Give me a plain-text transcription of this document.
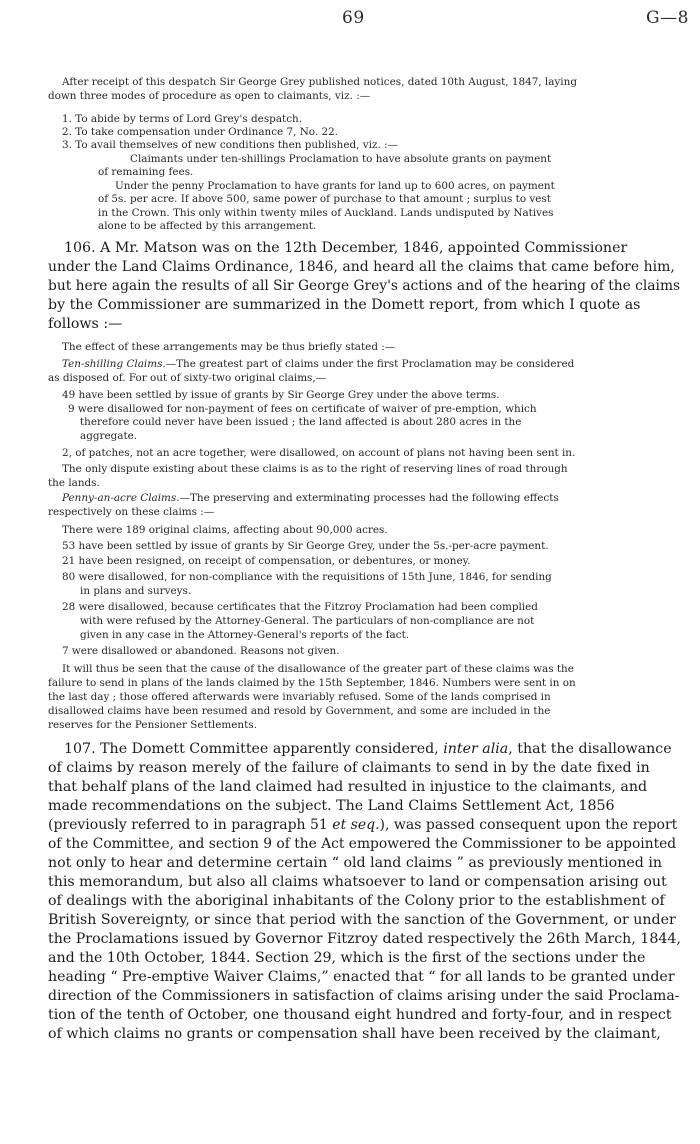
69	G—8
After receipt of this despatch Sir George Grey published notices, dated 10th August, 1847, laying
down three modes of procedure as open to claimants, viz. :—
1. To abide by terms of Lord Grey's despatch.
2. To take compensation under Ordinance 7, No. 22.
3. To avail themselves of new conditions then published, viz. :—
Claimants under ten-shillings Proclamation to have absolute grants on payment
of remaining fees.
Under the penny Proclamation to have grants for land up to 600 acres, on payment
of 5s. per acre. If above 500, same power of purchase to that amount ; surplus to vest
in the Crown. This only within twenty miles of Auckland. Lands undisputed by Natives
alone to be affected by this arrangement.
106. A Mr. Matson was on the 12th December, 1846, appointed Commissioner
under the Land Claims Ordinance, 1846, and heard all the claims that came before him,
but here again the results of all Sir George Grey's actions and of the hearing of the claims
by the Commissioner are summarized in the Domett report, from which I quote as
follows :—
The effect of these arrangements may be thus briefly stated :—
Ten-shilling Claims.—The greatest part of claims under the first Proclamation may be considered
as disposed of. For out of sixty-two original claims,—
49 have been settled by issue of grants by Sir George Grey under the above terms.
9 were disallowed for non-payment of fees on certificate of waiver of pre-emption, which
therefore could never have been issued ; the land affected is about 280 acres in the
aggregate.
2, of patches, not an acre together, were disallowed, on account of plans not having been sent in.
The only dispute existing about these claims is as to the right of reserving lines of road through
the lands.
Penny-an-acre Claims.—The preserving and exterminating processes had the following effects
respectively on these claims :—
There were 189 original claims, affecting about 90,000 acres.
53 have been settled by issue of grants by Sir George Grey, under the 5s.-per-acre payment.
21 have been resigned, on receipt of compensation, or debentures, or money.
80 were disallowed, for non-compliance with the requisitions of 15th June, 1846, for sending
in plans and surveys.
28 were disallowed, because certificates that the Fitzroy Proclamation had been complied
with were refused by the Attorney-General. The particulars of non-compliance are not
given in any case in the Attorney-General's reports of the fact.
7 were disallowed or abandoned. Reasons not given.
It will thus be seen that the cause of the disallowance of the greater part of these claims was the
failure to send in plans of the lands claimed by the 15th September, 1846. Numbers were sent in on
the last day ; those offered afterwards were invariably refused. Some of the lands comprised in
disallowed claims have been resumed and resold by Government, and some are included in the
reserves for the Pensioner Settlements.
107. The Domett Committee apparently considered, inter alia, that the disallowance
of claims by reason merely of the failure of claimants to send in by the date fixed in
that behalf plans of the land claimed had resulted in injustice to the claimants, and
made recommendations on the subject. The Land Claims Settlement Act, 1856
(previously referred to in paragraph 51 et seq.), was passed consequent upon the report
of the Committee, and section 9 of the Act empowered the Commissioner to be appointed
not only to hear and determine certain “ old land claims ” as previously mentioned in
this memorandum, but also all claims whatsoever to land or compensation arising out
of dealings with the aboriginal inhabitants of the Colony prior to the establishment of
British Sovereignty, or since that period with the sanction of the Government, or under
the Proclamations issued by Governor Fitzroy dated respectively the 26th March, 1844,
and the 10th October, 1844. Section 29, which is the first of the sections under the
heading “ Pre-emptive Waiver Claims,” enacted that “ for all lands to be granted under
direction of the Commissioners in satisfaction of claims arising under the said Proclama-
tion of the tenth of October, one thousand eight hundred and forty-four, and in respect
of which claims no grants or compensation shall have been received by the claimant,
